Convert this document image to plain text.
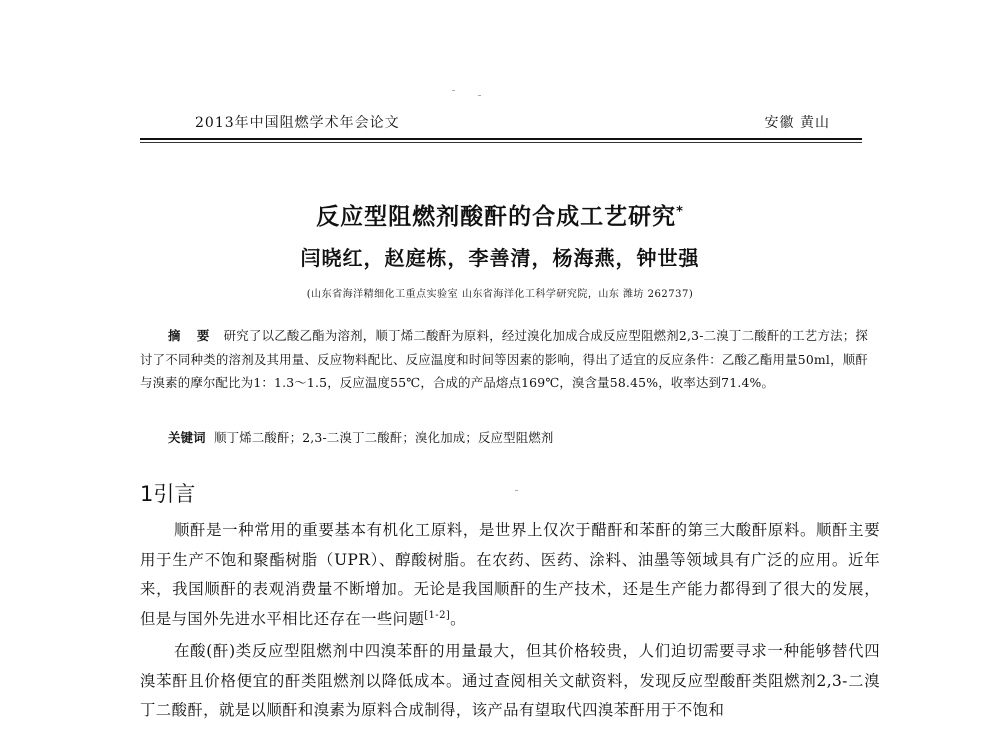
2013年中国阻燃学术年会论文	安徽 黄山
反应型阻燃剂酸酐的合成工艺研究*
闫晓红，赵庭栋，李善清，杨海燕，钟世强
(山东省海洋精细化工重点实验室 山东省海洋化工科学研究院，山东 潍坊 262737)

摘 要 研究了以乙酸乙酯为溶剂，顺丁烯二酸酐为原料，经过溴化加成合成反应型阻燃剂2,3-二溴丁二酸酐的工艺方法；探讨了不同种类的溶剂及其用量、反应物料配比、反应温度和时间等因素的影响，得出了适宜的反应条件：乙酸乙酯用量50ml，顺酐与溴素的摩尔配比为1：1.3～1.5，反应温度55℃，合成的产品熔点169℃，溴含量58.45%，收率达到71.4%。

关键词 顺丁烯二酸酐；2,3-二溴丁二酸酐；溴化加成；反应型阻燃剂
1引言

顺酐是一种常用的重要基本有机化工原料，是世界上仅次于醋酐和苯酐的第三大酸酐原料。顺酐主要用于生产不饱和聚酯树脂（UPR）、醇酸树脂。在农药、医药、涂料、油墨等领域具有广泛的应用。近年来，我国顺酐的表观消费量不断增加。无论是我国顺酐的生产技术，还是生产能力都得到了很大的发展，但是与国外先进水平相比还存在一些问题[1-2]。

在酸(酐)类反应型阻燃剂中四溴苯酐的用量最大，但其价格较贵，人们迫切需要寻求一种能够替代四溴苯酐且价格便宜的酐类阻燃剂以降低成本。通过查阅相关文献资料，发现反应型酸酐类阻燃剂2,3-二溴丁二酸酐，就是以顺酐和溴素为原料合成制得，该产品有望取代四溴苯酐用于不饱和
